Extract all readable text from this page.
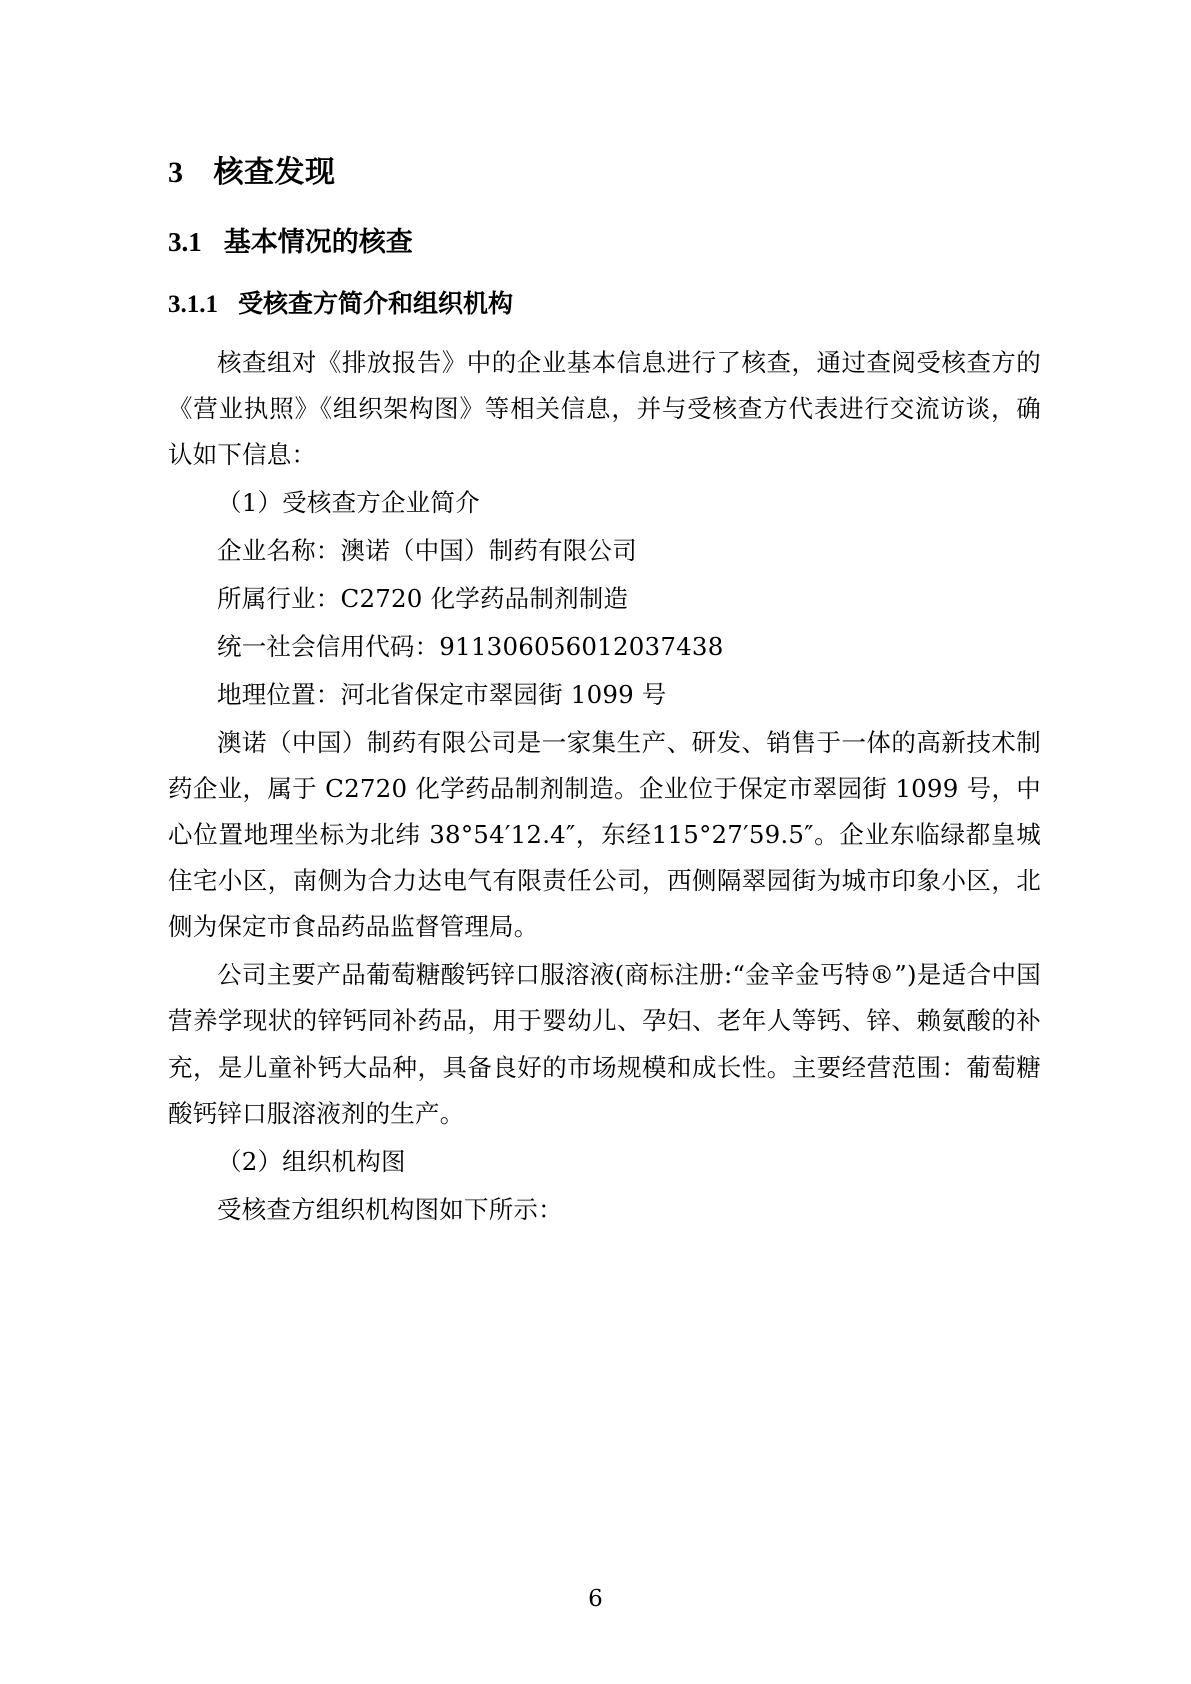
3 核查发现
3.1 基本情况的核查
3.1.1 受核查方简介和组织机构

核查组对《排放报告》中的企业基本信息进行了核查，通过查阅受核查方的《营业执照》《组织架构图》等相关信息，并与受核查方代表进行交流访谈，确认如下信息：

（1）受核查方企业简介

企业名称：澳诺（中国）制药有限公司

所属行业：C2720 化学药品制剂制造

统一社会信用代码：911306056012037438

地理位置：河北省保定市翠园街 1099 号

澳诺（中国）制药有限公司是一家集生产、研发、销售于一体的高新技术制药企业，属于 C2720 化学药品制剂制造。企业位于保定市翠园街 1099 号，中心位置地理坐标为北纬 38°54′12.4″，东经115°27′59.5″。企业东临绿都皇城住宅小区，南侧为合力达电气有限责任公司，西侧隔翠园街为城市印象小区，北侧为保定市食品药品监督管理局。

公司主要产品葡萄糖酸钙锌口服溶液(商标注册:“金辛金丐特®”)是适合中国营养学现状的锌钙同补药品，用于婴幼儿、孕妇、老年人等钙、锌、赖氨酸的补充，是儿童补钙大品种，具备良好的市场规模和成长性。主要经营范围：葡萄糖酸钙锌口服溶液剂的生产。

（2）组织机构图

受核查方组织机构图如下所示：

6
